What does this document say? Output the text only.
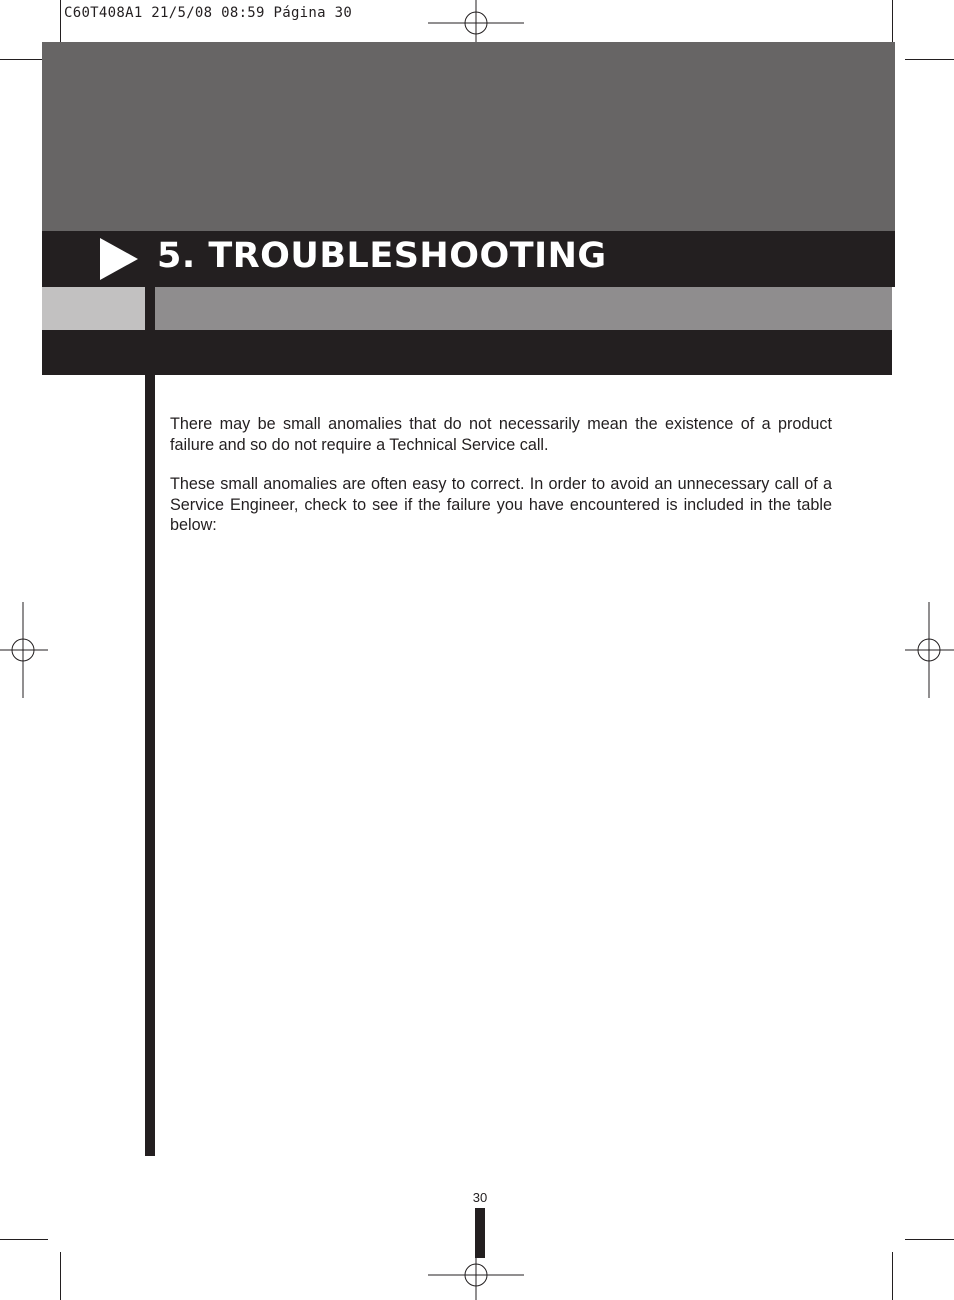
C60T408A1 21/5/08 08:59 Página 30
5. TROUBLESHOOTING

There may be small anomalies that do not necessarily mean the existence of a product failure and so do not require a Technical Service call.

These small anomalies are often easy to correct. In order to avoid an unnecessary call of a Service Engineer, check to see if the failure you have encountered is included in the table below:

30
